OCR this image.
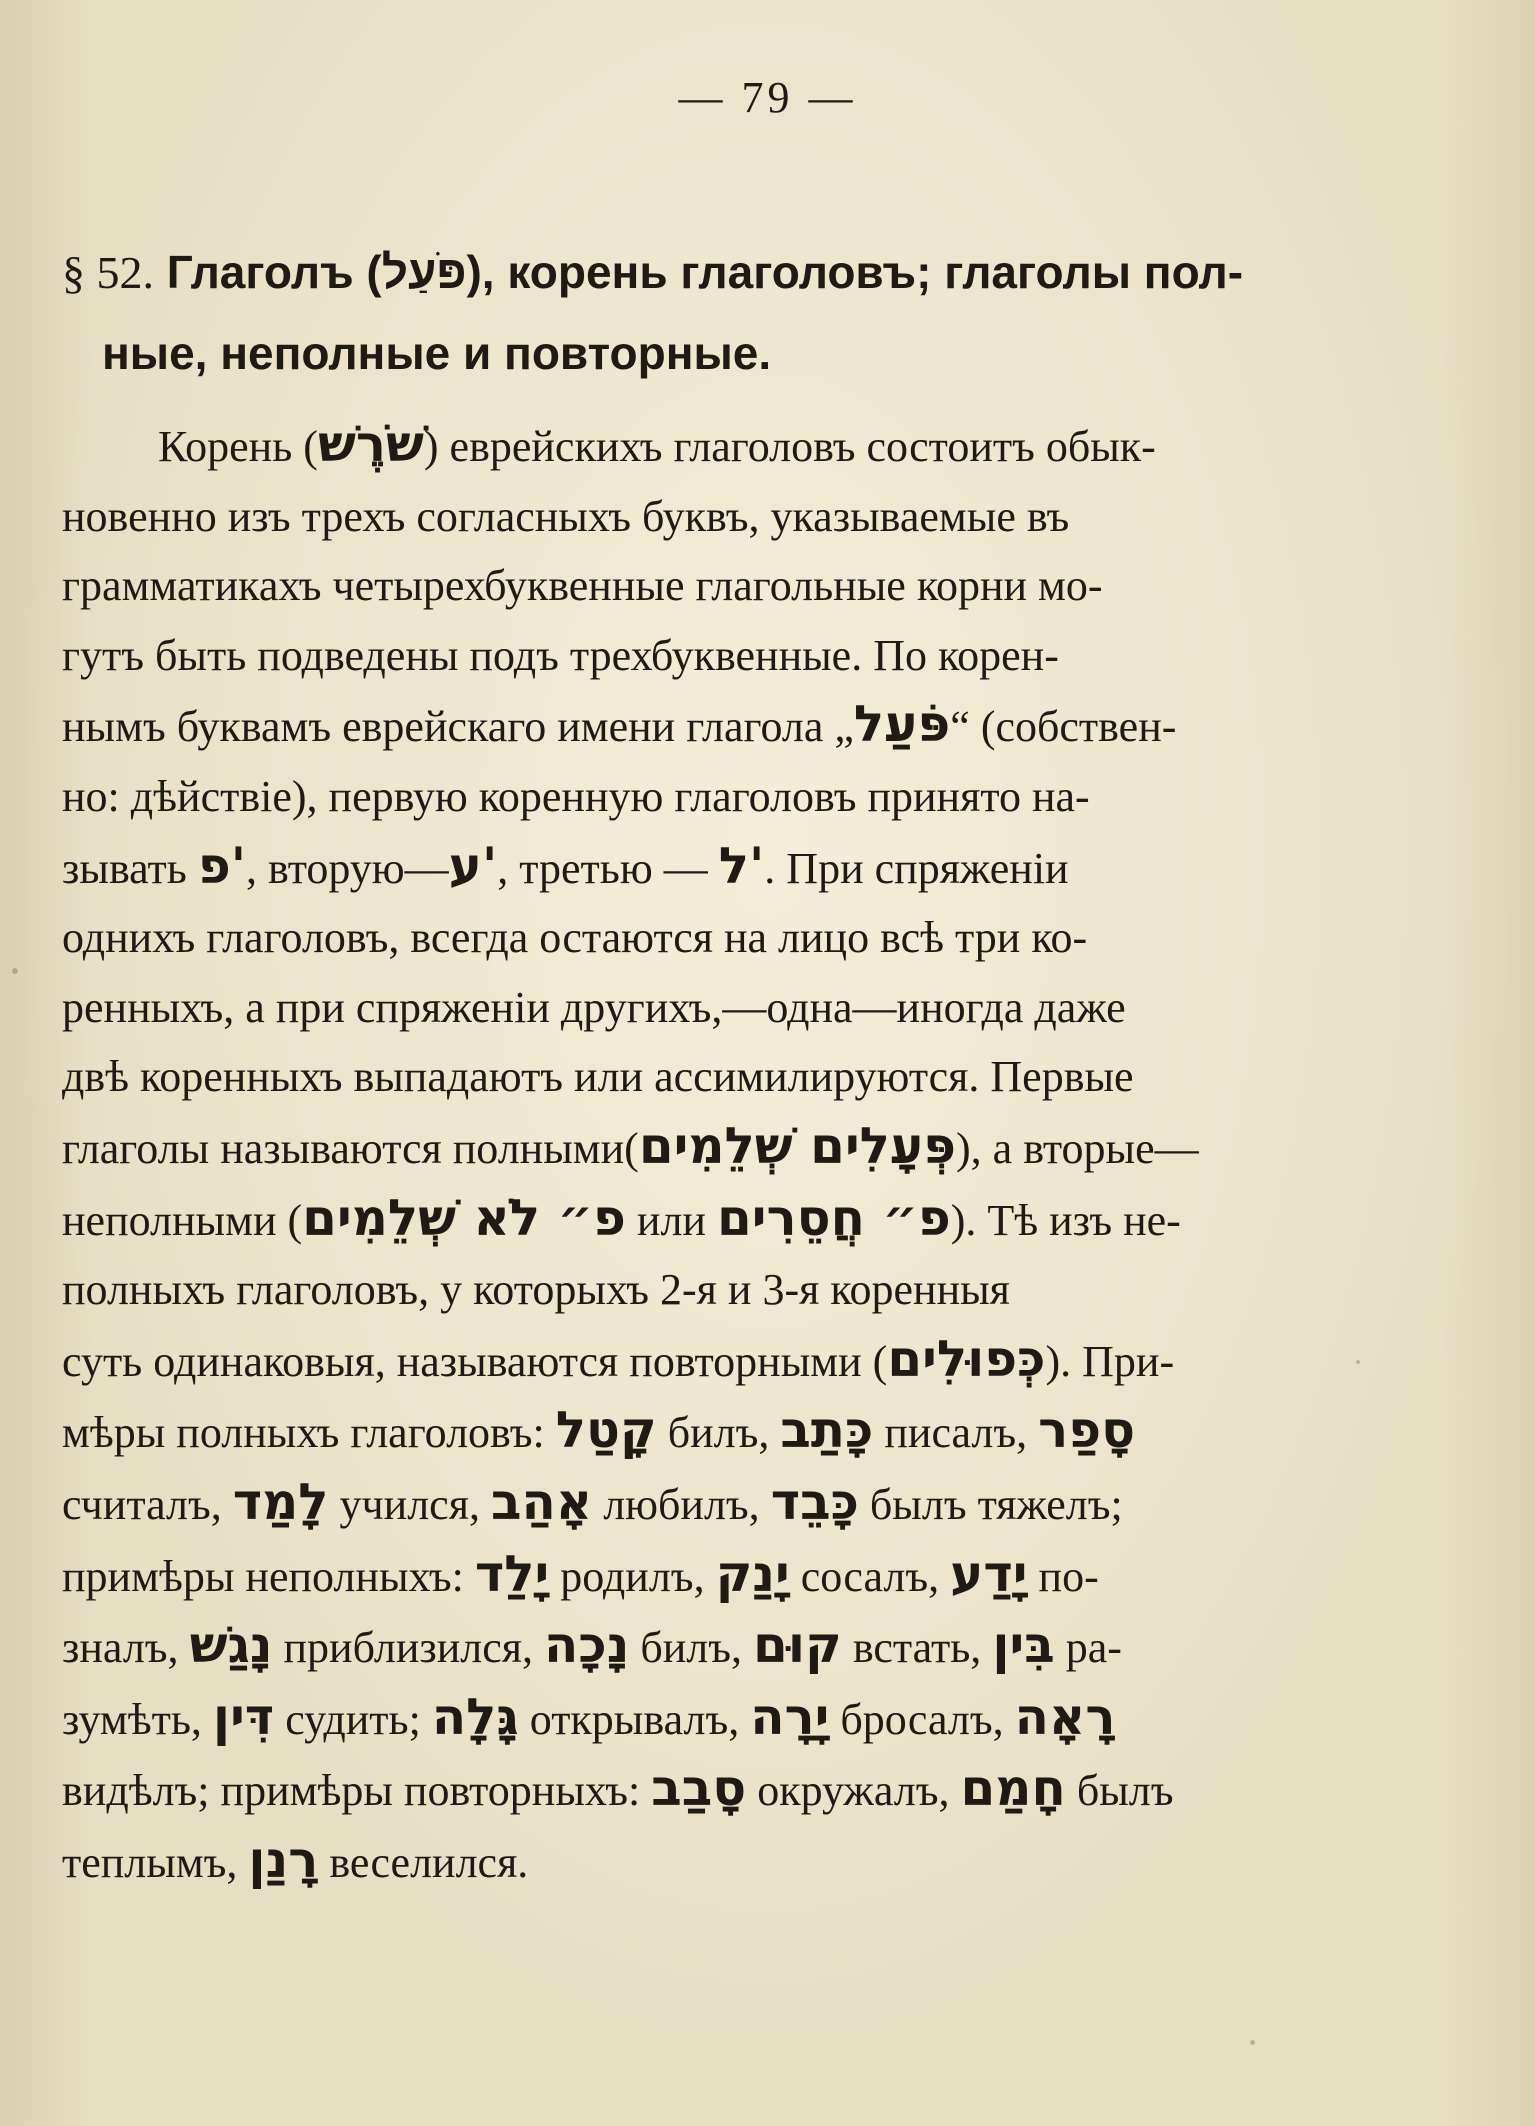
— 79 —
§ 52. Глаголъ (פֹּעַל), корень глаголовъ; глаголы пол-
ные, неполные и повторные.

Корень (שֹׁרֶשׁ) еврейскихъ глаголовъ состоитъ обык-
новенно изъ трехъ согласныхъ буквъ, указываемые въ
грамматикахъ четырехбуквенные глагольные корни мо-
гутъ быть подведены подъ трехбуквенные. По корен-
нымъ буквамъ еврейскаго имени глагола „פֹּעַל“ (собствен-
но: дѣйствіе), первую коренную глаголовъ принято на-
зывать 'פ, вторую—'ע, третью — 'ל. При спряженіи
однихъ глаголовъ, всегда остаются на лицо всѣ три ко-
ренныхъ, а при спряженіи другихъ,—одна—иногда даже
двѣ коренныхъ выпадаютъ или ассимилируются. Первые
глаголы называются полными(פְּעָלִים שְׁלֵמִים), а вторые—
неполными (פ״ לֹא שְׁלֵמִים или פ״ חֲסֵרִים). Тѣ изъ не-
полныхъ глаголовъ, у которыхъ 2-я и 3-я коренныя
суть одинаковыя, называются повторными (כְּפוּלִים). При-
мѣры полныхъ глаголовъ: קָטַל билъ, כָּתַב писалъ, סָפַר
считалъ, לָמַד учился, אָהַב любилъ, כָּבֵד былъ тяжелъ;
примѣры неполныхъ: יָלַד родилъ, יָנַק сосалъ, יָדַע по-
зналъ, נָגַשׁ приблизился, נָכָה билъ, קוּם встать, בִּין ра-
зумѣть, דִּין судить; גָּלָה открывалъ, יָרָה бросалъ, רָאָה
видѣлъ; примѣры повторныхъ: סָבַב окружалъ, חָמַם былъ
теплымъ, רָנַן веселился.
